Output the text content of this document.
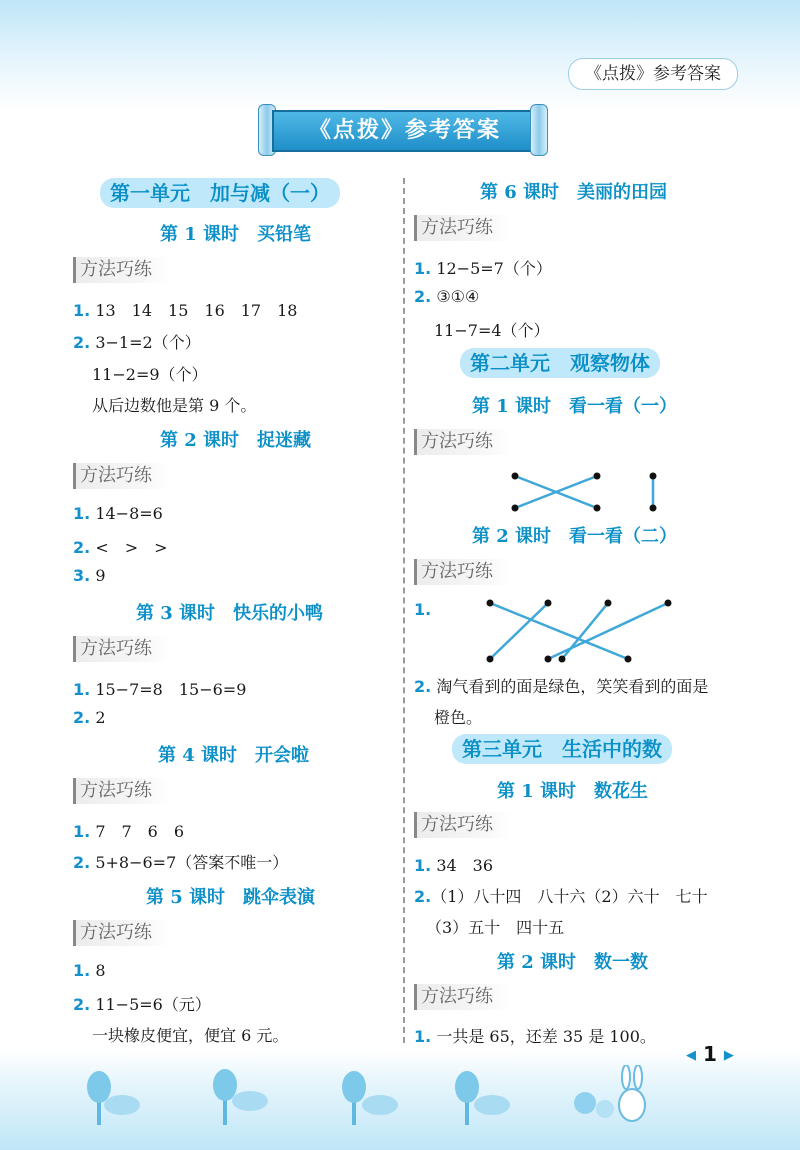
《点拨》参考答案
《点拨》参考答案
第一单元　加与减（一）
第 1 课时　买铅笔
方法巧练
1. 13　14　15　16　17　18
2. 3−1=2（个）
11−2=9（个）
从后边数他是第 9 个。
第 2 课时　捉迷藏
方法巧练
1. 14−8=6
2. <　>　>
3. 9
第 3 课时　快乐的小鸭
方法巧练
1. 15−7=8　15−6=9
2. 2
第 4 课时　开会啦
方法巧练
1. 7　7　6　6
2. 5+8−6=7（答案不唯一）
第 5 课时　跳伞表演
方法巧练
1. 8
2. 11−5=6（元）
一块橡皮便宜，便宜 6 元。
第 6 课时　美丽的田园
方法巧练
1. 12−5=7（个）
2. ③①④
11−7=4（个）
第二单元　观察物体
第 1 课时　看一看（一）
方法巧练
第 2 课时　看一看（二）
方法巧练
1.
2. 淘气看到的面是绿色，笑笑看到的面是
橙色。
第三单元　生活中的数
第 1 课时　数花生
方法巧练
1. 34　36
2.（1）八十四　八十六（2）六十　七十
（3）五十　四十五
第 2 课时　数一数
方法巧练
1. 一共是 65，还差 35 是 100。
◀ 1 ▶
